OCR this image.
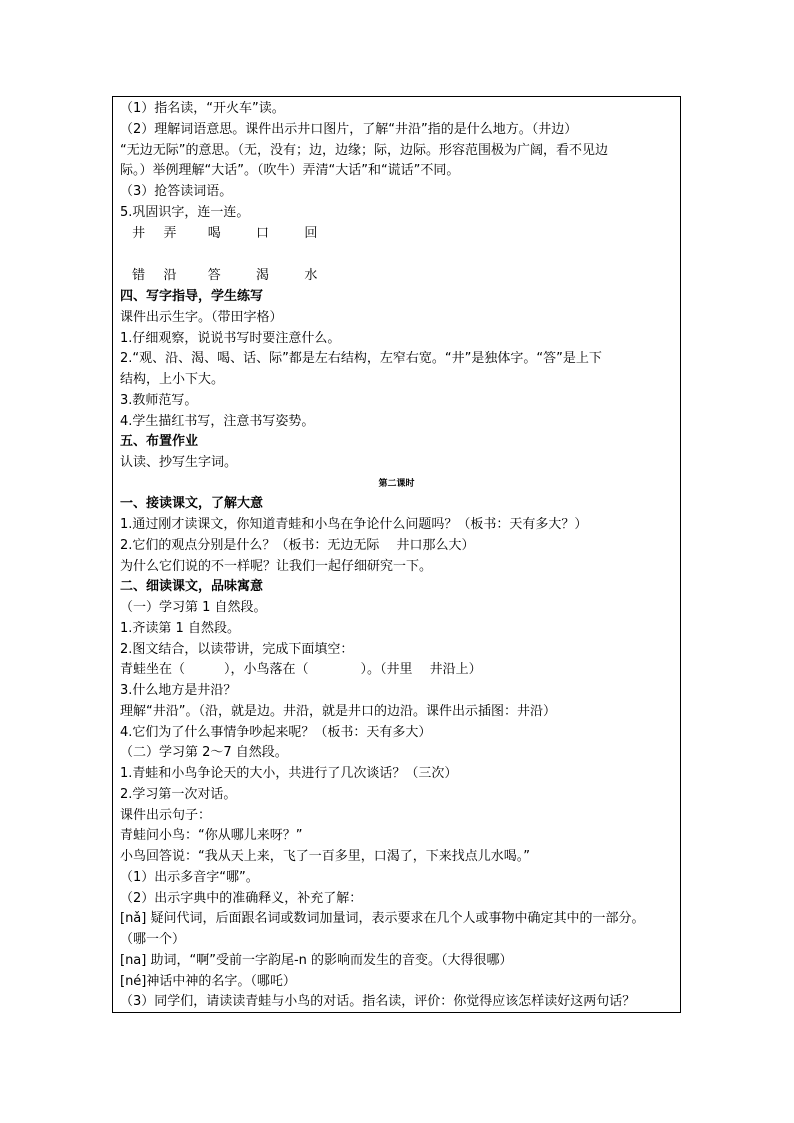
（1）指名读，“开火车”读。
（2）理解词语意思。课件出示井口图片，了解“井沿”指的是什么地方。（井边）
“无边无际”的意思。（无，没有；边，边缘；际，边际。形容范围极为广阔，看不见边
际。）举例理解“大话”。（吹牛）弄清“大话”和“谎话”不同。
（3）抢答读词语。
5.巩固识字，连一连。
井 弄 喝	口	回
错 沿 答	渴	水
四、写字指导，学生练写
课件出示生字。（带田字格）
1.仔细观察，说说书写时要注意什么。
2.“观、沿、渴、喝、话、际”都是左右结构，左窄右宽。“井”是独体字。“答”是上下
结构，上小下大。
3.教师范写。
4.学生描红书写，注意书写姿势。
五、布置作业
认读、抄写生字词。
第二课时
一、接读课文，了解大意
1.通过刚才读课文，你知道青蛙和小鸟在争论什么问题吗？（板书：天有多大？）
2.它们的观点分别是什么？（板书：无边无际　 井口那么大）
为什么它们说的不一样呢？让我们一起仔细研究一下。
二、细读课文，品味寓意
（一）学习第 1 自然段。
1.齐读第 1 自然段。
2.图文结合，以读带讲，完成下面填空：
青蛙坐在（　　　），小鸟落在（　　　　）。（井里　 井沿上）
3.什么地方是井沿？
理解“井沿”。（沿，就是边。井沿，就是井口的边沿。课件出示插图：井沿）
4.它们为了什么事情争吵起来呢？（板书：天有多大）
（二）学习第 2～7 自然段。
1.青蛙和小鸟争论天的大小，共进行了几次谈话？（三次）
2.学习第一次对话。
课件出示句子：
青蛙问小鸟：“你从哪儿来呀？”
小鸟回答说：“我从天上来，飞了一百多里，口渴了，下来找点儿水喝。”
（1）出示多音字“哪”。
（2）出示字典中的准确释义，补充了解：
[nǎ] 疑问代词，后面跟名词或数词加量词，表示要求在几个人或事物中确定其中的一部分。
（哪一个）
[na] 助词，“啊”受前一字韵尾-n 的影响而发生的音变。（大得很哪）
[né]神话中神的名字。（哪吒）
（3）同学们，请读读青蛙与小鸟的对话。指名读，评价：你觉得应该怎样读好这两句话？
